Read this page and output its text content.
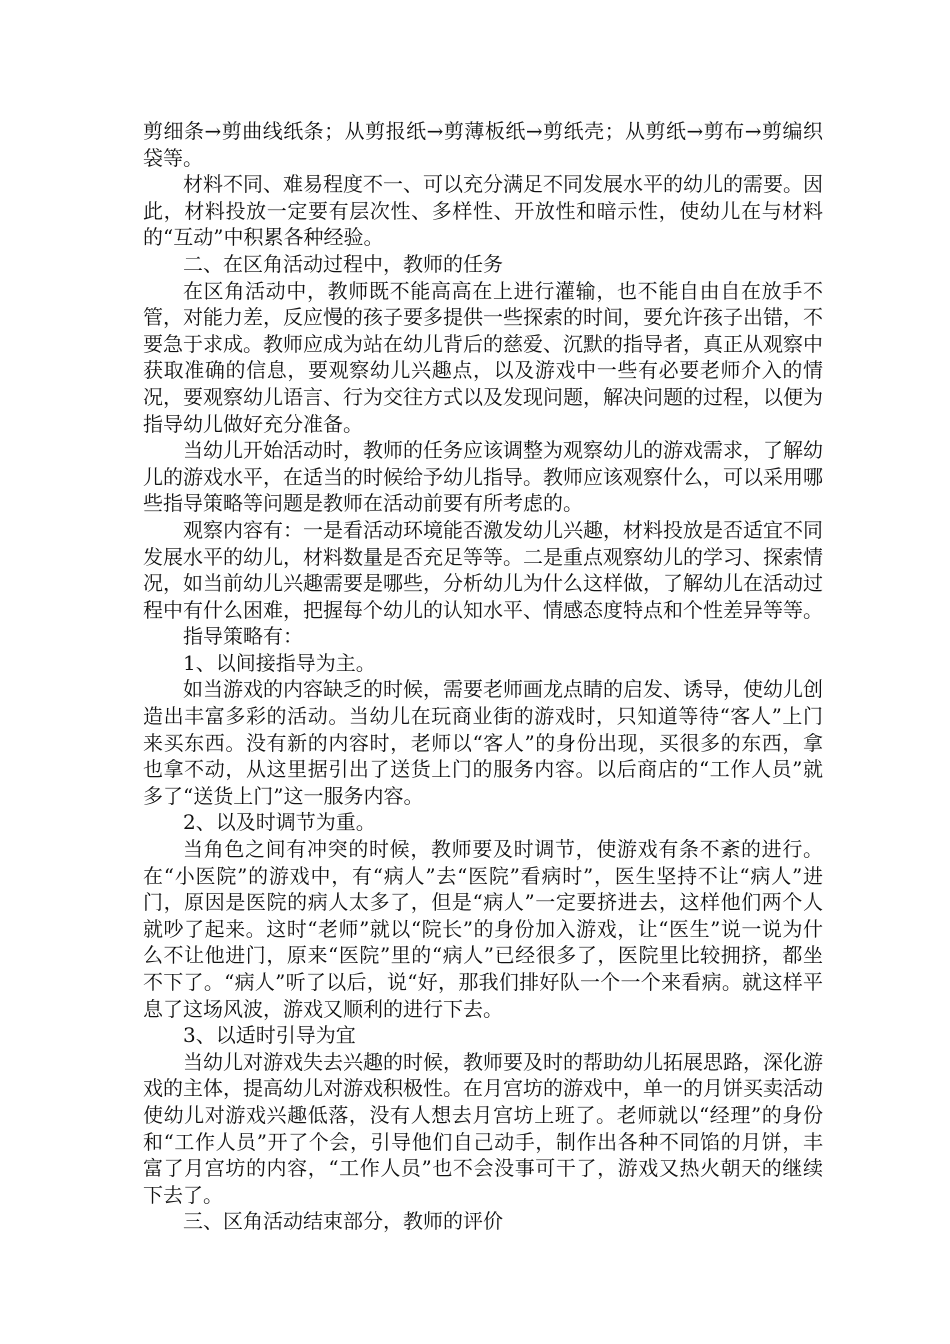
剪细条→剪曲线纸条；从剪报纸→剪薄板纸→剪纸壳；从剪纸→剪布→剪编织袋等。

材料不同、难易程度不一、可以充分满足不同发展水平的幼儿的需要。因此，材料投放一定要有层次性、多样性、开放性和暗示性，使幼儿在与材料的“互动”中积累各种经验。

二、在区角活动过程中，教师的任务

在区角活动中，教师既不能高高在上进行灌输，也不能自由自在放手不管，对能力差，反应慢的孩子要多提供一些探索的时间，要允许孩子出错，不要急于求成。教师应成为站在幼儿背后的慈爱、沉默的指导者，真正从观察中获取准确的信息，要观察幼儿兴趣点，以及游戏中一些有必要老师介入的情况，要观察幼儿语言、行为交往方式以及发现问题，解决问题的过程，以便为指导幼儿做好充分准备。

当幼儿开始活动时，教师的任务应该调整为观察幼儿的游戏需求，了解幼儿的游戏水平，在适当的时候给予幼儿指导。教师应该观察什么，可以采用哪些指导策略等问题是教师在活动前要有所考虑的。

观察内容有：一是看活动环境能否激发幼儿兴趣，材料投放是否适宜不同发展水平的幼儿，材料数量是否充足等等。二是重点观察幼儿的学习、探索情况，如当前幼儿兴趣需要是哪些，分析幼儿为什么这样做，了解幼儿在活动过程中有什么困难，把握每个幼儿的认知水平、情感态度特点和个性差异等等。

指导策略有：

1、以间接指导为主。

如当游戏的内容缺乏的时候，需要老师画龙点睛的启发、诱导，使幼儿创造出丰富多彩的活动。当幼儿在玩商业街的游戏时，只知道等待“客人”上门来买东西。没有新的内容时，老师以“客人”的身份出现，买很多的东西，拿也拿不动，从这里据引出了送货上门的服务内容。以后商店的“工作人员”就多了“送货上门”这一服务内容。

2、以及时调节为重。

当角色之间有冲突的时候，教师要及时调节，使游戏有条不紊的进行。在“小医院”的游戏中，有“病人”去“医院”看病时”，医生坚持不让“病人”进门，原因是医院的病人太多了，但是“病人”一定要挤进去，这样他们两个人就吵了起来。这时“老师”就以“院长”的身份加入游戏，让“医生”说一说为什么不让他进门，原来“医院”里的“病人”已经很多了，医院里比较拥挤，都坐不下了。“病人”听了以后，说“好，那我们排好队一个一个来看病。就这样平息了这场风波，游戏又顺利的进行下去。

3、以适时引导为宜

当幼儿对游戏失去兴趣的时候，教师要及时的帮助幼儿拓展思路，深化游戏的主体，提高幼儿对游戏积极性。在月宫坊的游戏中，单一的月饼买卖活动使幼儿对游戏兴趣低落，没有人想去月宫坊上班了。老师就以“经理”的身份和“工作人员”开了个会，引导他们自己动手，制作出各种不同馅的月饼，丰富了月宫坊的内容，“工作人员”也不会没事可干了，游戏又热火朝天的继续下去了。

三、区角活动结束部分，教师的评价
